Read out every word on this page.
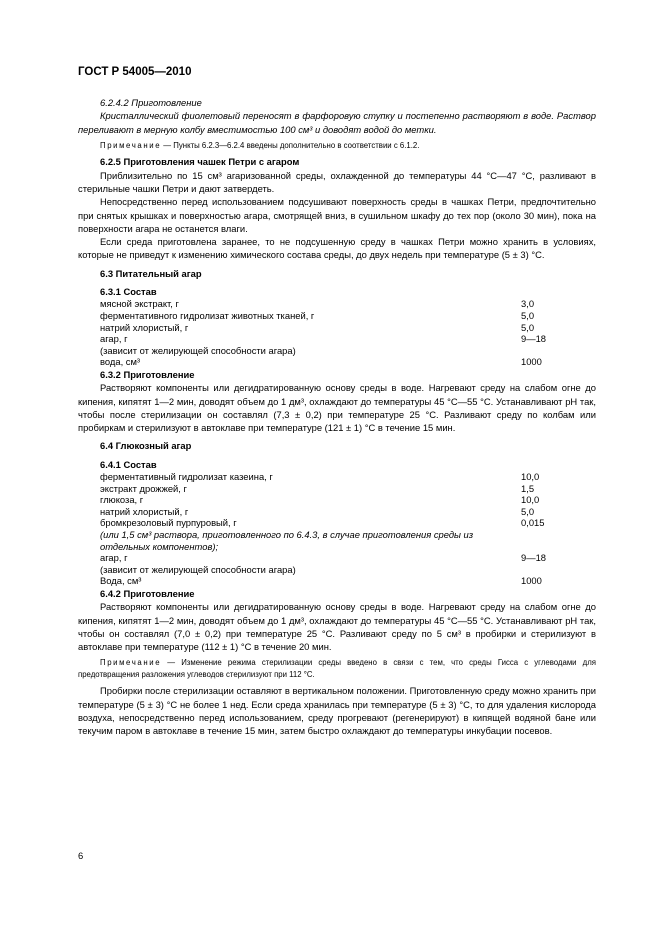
ГОСТ Р 54005—2010

6.2.4.2 Приготовление

Кристаллический фиолетовый переносят в фарфоровую ступку и постепенно растворяют в воде. Раствор переливают в мерную колбу вместимостью 100 см³ и доводят водой до метки.

Примечание — Пункты 6.2.3—6.2.4 введены дополнительно в соответствии с 6.1.2.

6.2.5 Приготовления чашек Петри с агаром

Приблизительно по 15 см³ агаризованной среды, охлажденной до температуры 44 °С—47 °С, разливают в стерильные чашки Петри и дают затвердеть.

Непосредственно перед использованием подсушивают поверхность среды в чашках Петри, предпочтительно при снятых крышках и поверхностью агара, смотрящей вниз, в сушильном шкафу до тех пор (около 30 мин), пока на поверхности агара не останется влаги.

Если среда приготовлена заранее, то не подсушенную среду в чашках Петри можно хранить в условиях, которые не приведут к изменению химического состава среды, до двух недель при температуре (5 ± 3) °С.

6.3 Питательный агар

6.3.1 Состав

мясной экстракт, г	3,0
ферментативного гидролизат животных тканей, г	5,0
натрий хлористый, г	5,0
агар, г	9—18
(зависит от желирующей способности агара)
вода, см³	1000

6.3.2 Приготовление

Растворяют компоненты или дегидратированную основу среды в воде. Нагревают среду на слабом огне до кипения, кипятят 1—2 мин, доводят объем до 1 дм³, охлаждают до температуры 45 °С—55 °С. Устанавливают рН так, чтобы после стерилизации он составлял (7,3 ± 0,2) при температуре 25 °С. Разливают среду по колбам или пробиркам и стерилизуют в автоклаве при температуре (121 ± 1) °С в течение 15 мин.

6.4 Глюкозный агар

6.4.1 Состав

ферментативный гидролизат казеина, г	10,0
экстракт дрожжей, г	1,5
глюкоза, г	10,0
натрий хлористый, г	5,0
бромкрезоловый пурпуровый, г	0,015
(или 1,5 см³ раствора, приготовленного по 6.4.3, в случае приготовления среды из отдельных компонентов);
агар, г	9—18
(зависит от желирующей способности агара)
Вода, см³	1000

6.4.2 Приготовление

Растворяют компоненты или дегидратированную основу среды в воде. Нагревают среду на слабом огне до кипения, кипятят 1—2 мин, доводят объем до 1 дм³, охлаждают до температуры 45 °С—55 °С. Устанавливают рН так, чтобы он составлял (7,0 ± 0,2) при температуре 25 °С. Разливают среду по 5 см³ в пробирки и стерилизуют в автоклаве при температуре (112 ± 1) °С в течение 20 мин.

Примечание — Изменение режима стерилизации среды введено в связи с тем, что среды Гисса с углеводами для предотвращения разложения углеводов стерилизуют при 112 °С.

Пробирки после стерилизации оставляют в вертикальном положении. Приготовленную среду можно хранить при температуре (5 ± 3) °С не более 1 нед. Если среда хранилась при температуре (5 ± 3) °С, то для удаления кислорода воздуха, непосредственно перед использованием, среду прогревают (регенерируют) в кипящей водяной бане или текучим паром в автоклаве в течение 15 мин, затем быстро охлаждают до температуры инкубации посевов.

6
